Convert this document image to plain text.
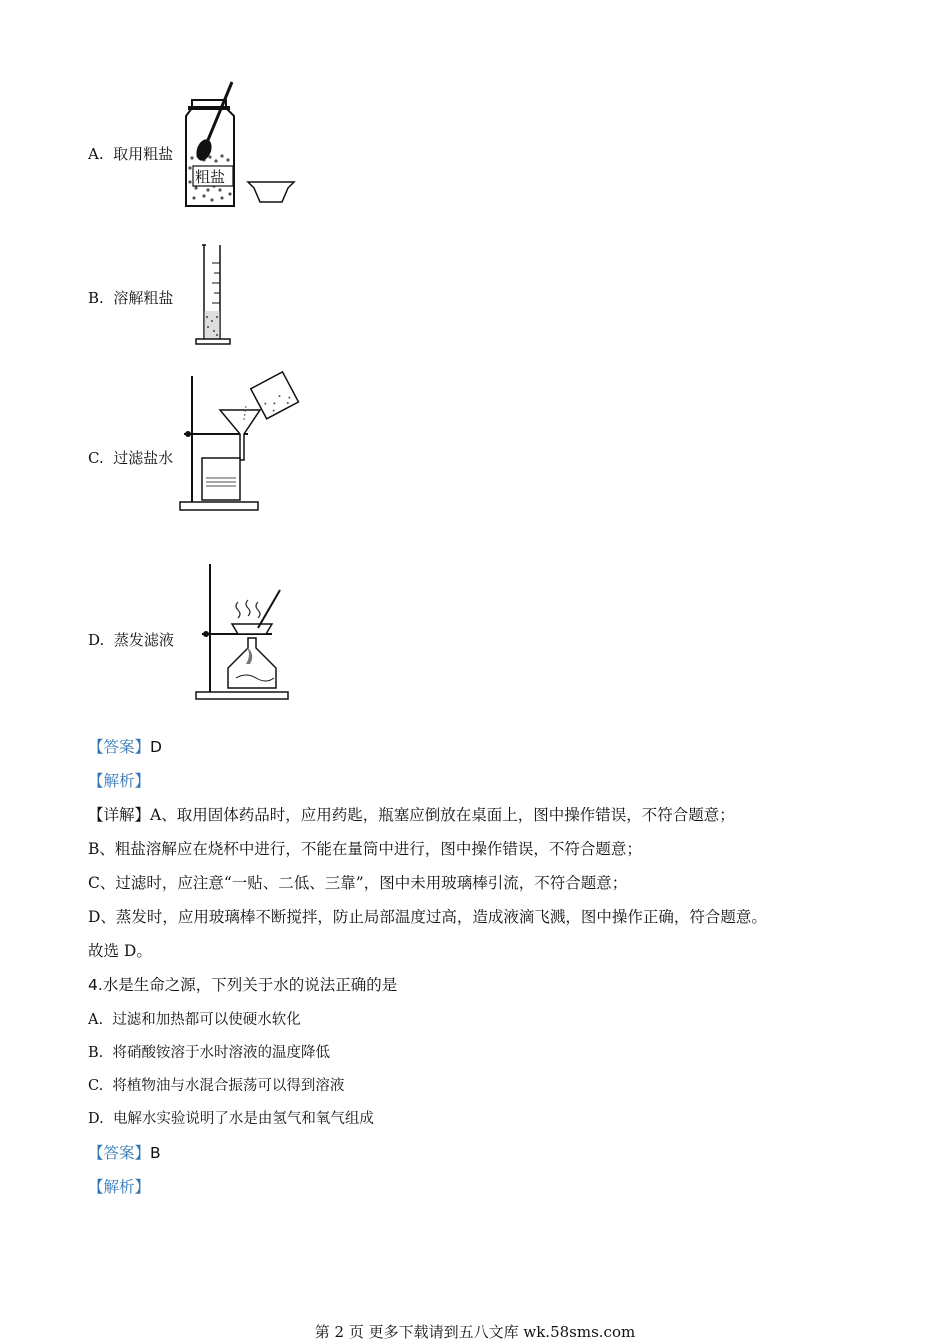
A. 取用粗盐
粗盐
B. 溶解粗盐
C. 过滤盐水
D. 蒸发滤液
【答案】D
【解析】
【详解】A、取用固体药品时，应用药匙，瓶塞应倒放在桌面上，图中操作错误，不符合题意；
B、粗盐溶解应在烧杯中进行，不能在量筒中进行，图中操作错误，不符合题意；
C、过滤时，应注意“一贴、二低、三靠”，图中未用玻璃棒引流，不符合题意；
D、蒸发时，应用玻璃棒不断搅拌，防止局部温度过高，造成液滴飞溅，图中操作正确，符合题意。
故选 D。
4.水是生命之源，下列关于水的说法正确的是
A. 过滤和加热都可以使硬水软化
B. 将硝酸铵溶于水时溶液的温度降低
C. 将植物油与水混合振荡可以得到溶液
D. 电解水实验说明了水是由氢气和氧气组成
【答案】B
【解析】
第 2 页 更多下载请到五八文库 wk.58sms.com
